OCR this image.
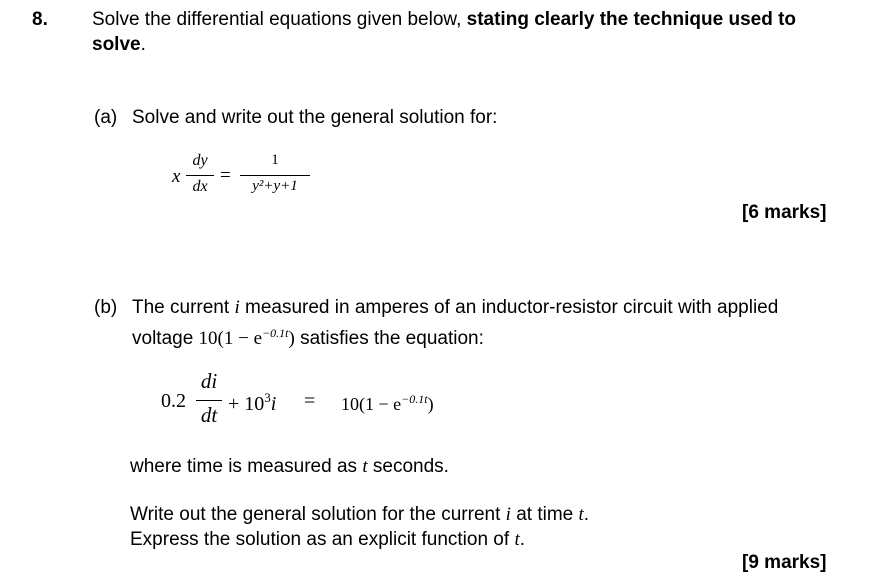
8. Solve the differential equations given below, stating clearly the technique used to
solve.
(a) Solve and write out the general solution for:
x
dy
dx
=
1
y²+y+1
[6 marks]
(b) The current i measured in amperes of an inductor-resistor circuit with applied
voltage $10(1 - e^{-0.1t})$ satisfies the equation:
0.2
di
dt + $10^3i = 10(1 - e^{-0.1t})$
where time is measured as t seconds.
Write out the general solution for the current i at time t.
Express the solution as an explicit function of t.
[9 marks]
